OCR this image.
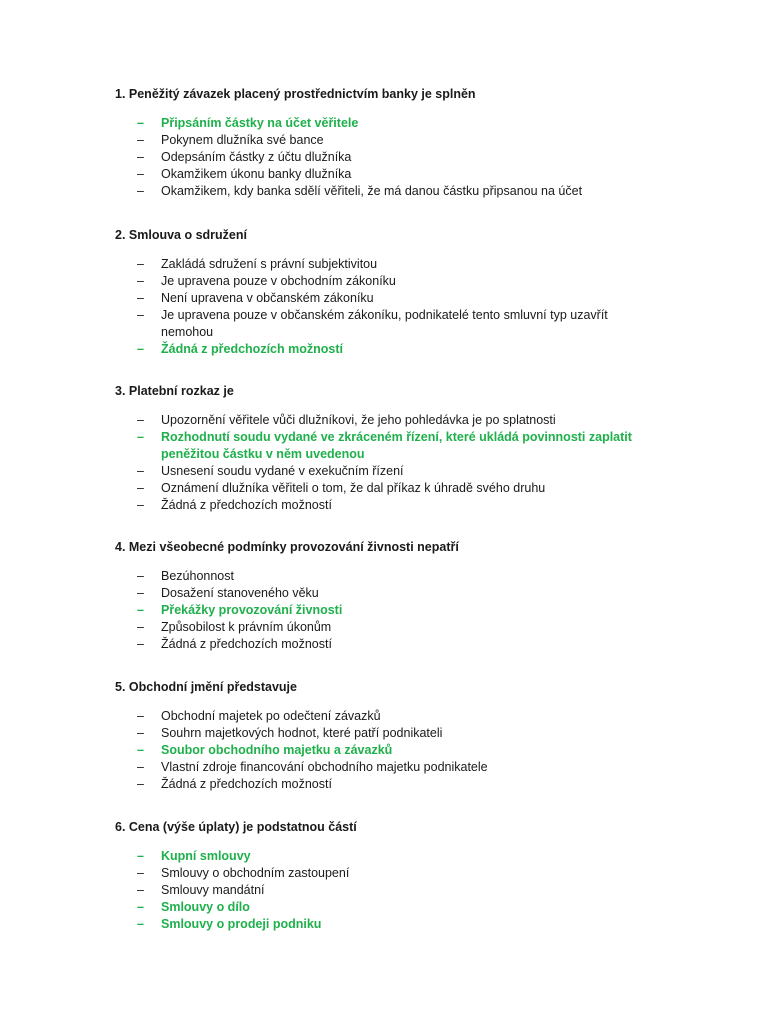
1. Peněžitý závazek placený prostřednictvím banky je splněn
– Připsáním částky na účet věřitele
– Pokynem dlužníka své bance
– Odepsáním částky z účtu dlužníka
– Okamžikem úkonu banky dlužníka
– Okamžikem, kdy banka sdělí věřiteli, že má danou částku připsanou na účet
2. Smlouva o sdružení
– Zakládá sdružení s právní subjektivitou
– Je upravena pouze v obchodním zákoníku
– Není upravena v občanském zákoníku
– Je upravena pouze v občanském zákoníku, podnikatelé tento smluvní typ uzavřít nemohou
– Žádná z předchozích možností
3. Platební rozkaz je
– Upozornění věřitele vůči dlužníkovi, že jeho pohledávka je po splatnosti
– Rozhodnutí soudu vydané ve zkráceném řízení, které ukládá povinnosti zaplatit peněžitou částku v něm uvedenou
– Usnesení soudu vydané v exekučním řízení
– Oznámení dlužníka věřiteli o tom, že dal příkaz k úhradě svého druhu
– Žádná z předchozích možností
4. Mezi všeobecné podmínky provozování živnosti nepatří
– Bezúhonnost
– Dosažení stanoveného věku
– Překážky provozování živnosti
– Způsobilost k právním úkonům
– Žádná z předchozích možností
5. Obchodní jmění představuje
– Obchodní majetek po odečtení závazků
– Souhrn majetkových hodnot, které patří podnikateli
– Soubor obchodního majetku a závazků
– Vlastní zdroje financování obchodního majetku podnikatele
– Žádná z předchozích možností
6. Cena (výše úplaty) je podstatnou částí
– Kupní smlouvy
– Smlouvy o obchodním zastoupení
– Smlouvy mandátní
– Smlouvy o dílo
– Smlouvy o prodeji podniku
